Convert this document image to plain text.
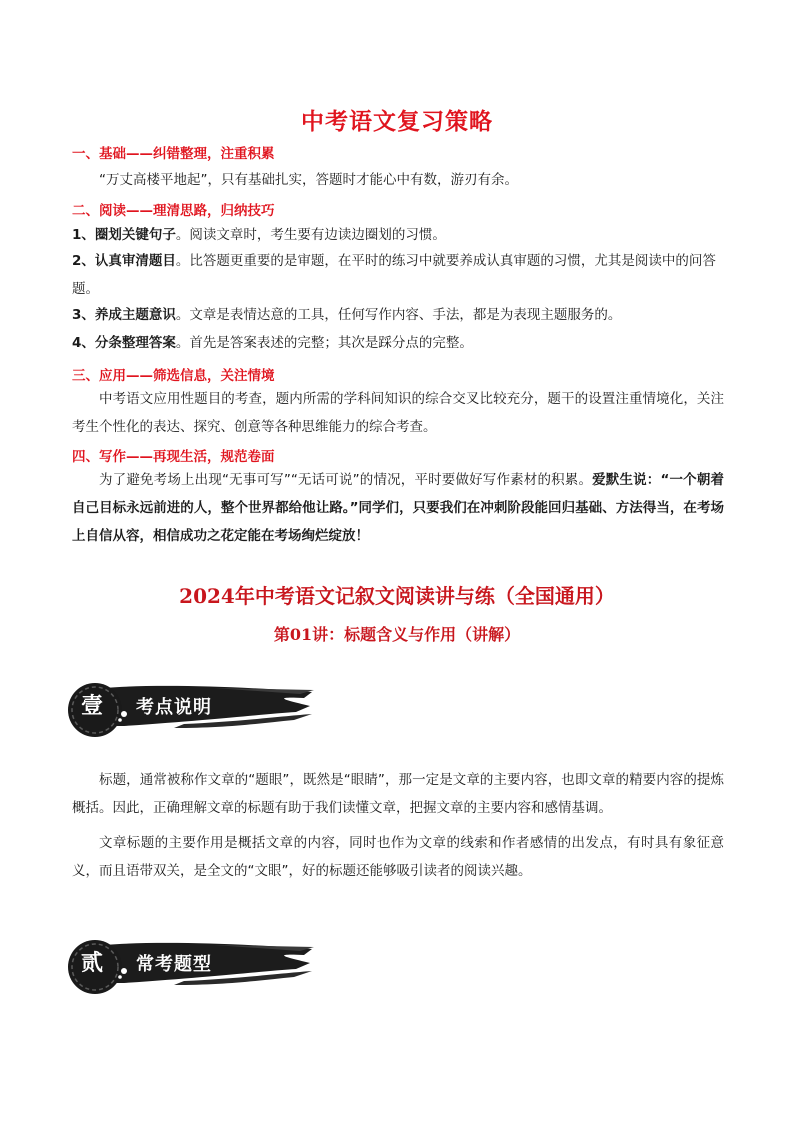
中考语文复习策略
一、基础——纠错整理，注重积累
“万丈高楼平地起”，只有基础扎实，答题时才能心中有数，游刃有余。
二、阅读——理清思路，归纳技巧
1、圈划关键句子。阅读文章时，考生要有边读边圈划的习惯。
2、认真审清题目。比答题更重要的是审题，在平时的练习中就要养成认真审题的习惯，尤其是阅读中的问答题。
3、养成主题意识。文章是表情达意的工具，任何写作内容、手法，都是为表现主题服务的。
4、分条整理答案。首先是答案表述的完整；其次是踩分点的完整。
三、应用——筛选信息，关注情境
中考语文应用性题目的考查，题内所需的学科间知识的综合交叉比较充分，题干的设置注重情境化，关注考生个性化的表达、探究、创意等各种思维能力的综合考查。
四、写作——再现生活，规范卷面
为了避免考场上出现“无事可写”“无话可说”的情况，平时要做好写作素材的积累。爱默生说：“一个朝着自己目标永远前进的人，整个世界都给他让路。”同学们，只要我们在冲刺阶段能回归基础、方法得当，在考场上自信从容，相信成功之花定能在考场绚烂绽放！
2024年中考语文记叙文阅读讲与练（全国通用）
第01讲：标题含义与作用（讲解）
壹	考点说明
标题，通常被称作文章的“题眼”，既然是“眼睛”，那一定是文章的主要内容，也即文章的精要内容的提炼概括。因此，正确理解文章的标题有助于我们读懂文章，把握文章的主要内容和感情基调。
文章标题的主要作用是概括文章的内容，同时也作为文章的线索和作者感情的出发点，有时具有象征意义，而且语带双关，是全文的“文眼”，好的标题还能够吸引读者的阅读兴趣。
贰	常考题型
